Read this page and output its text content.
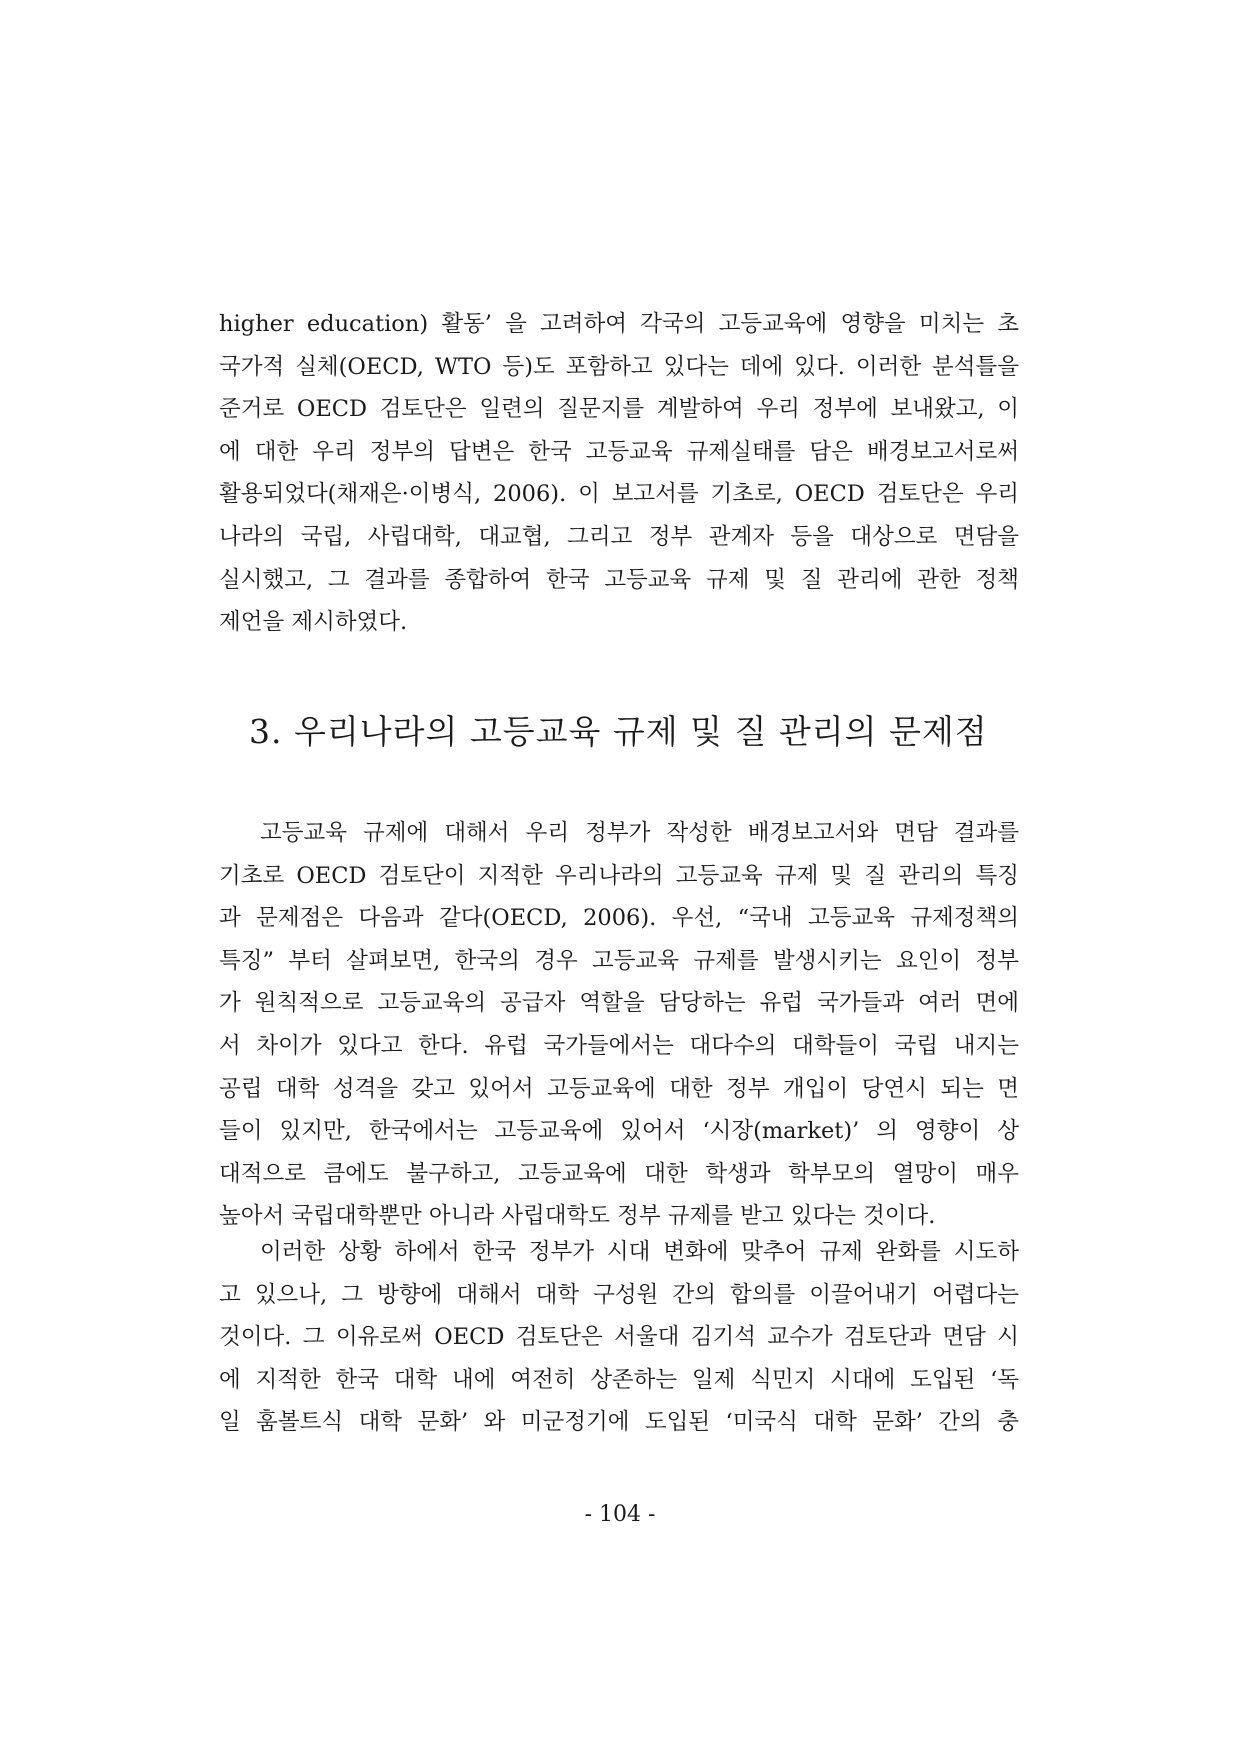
higher education) 활동’ 을 고려하여 각국의 고등교육에 영향을 미치는 초
국가적 실체(OECD, WTO 등)도 포함하고 있다는 데에 있다. 이러한 분석틀을
준거로 OECD 검토단은 일련의 질문지를 계발하여 우리 정부에 보내왔고, 이
에 대한 우리 정부의 답변은 한국 고등교육 규제실태를 담은 배경보고서로써
활용되었다(채재은·이병식, 2006). 이 보고서를 기초로, OECD 검토단은 우리
나라의 국립, 사립대학, 대교협, 그리고 정부 관계자 등을 대상으로 면담을
실시했고, 그 결과를 종합하여 한국 고등교육 규제 및 질 관리에 관한 정책
제언을 제시하였다.
3. 우리나라의 고등교육 규제 및 질 관리의 문제점
고등교육 규제에 대해서 우리 정부가 작성한 배경보고서와 면담 결과를
기초로 OECD 검토단이 지적한 우리나라의 고등교육 규제 및 질 관리의 특징
과 문제점은 다음과 같다(OECD, 2006). 우선, “국내 고등교육 규제정책의
특징” 부터 살펴보면, 한국의 경우 고등교육 규제를 발생시키는 요인이 정부
가 원칙적으로 고등교육의 공급자 역할을 담당하는 유럽 국가들과 여러 면에
서 차이가 있다고 한다. 유럽 국가들에서는 대다수의 대학들이 국립 내지는
공립 대학 성격을 갖고 있어서 고등교육에 대한 정부 개입이 당연시 되는 면
들이 있지만, 한국에서는 고등교육에 있어서 ‘시장(market)’ 의 영향이 상
대적으로 큼에도 불구하고, 고등교육에 대한 학생과 학부모의 열망이 매우
높아서 국립대학뿐만 아니라 사립대학도 정부 규제를 받고 있다는 것이다.
이러한 상황 하에서 한국 정부가 시대 변화에 맞추어 규제 완화를 시도하
고 있으나, 그 방향에 대해서 대학 구성원 간의 합의를 이끌어내기 어렵다는
것이다. 그 이유로써 OECD 검토단은 서울대 김기석 교수가 검토단과 면담 시
에 지적한 한국 대학 내에 여전히 상존하는 일제 식민지 시대에 도입된 ‘독
일 훔볼트식 대학 문화’ 와 미군정기에 도입된 ‘미국식 대학 문화’ 간의 충
- 104 -
